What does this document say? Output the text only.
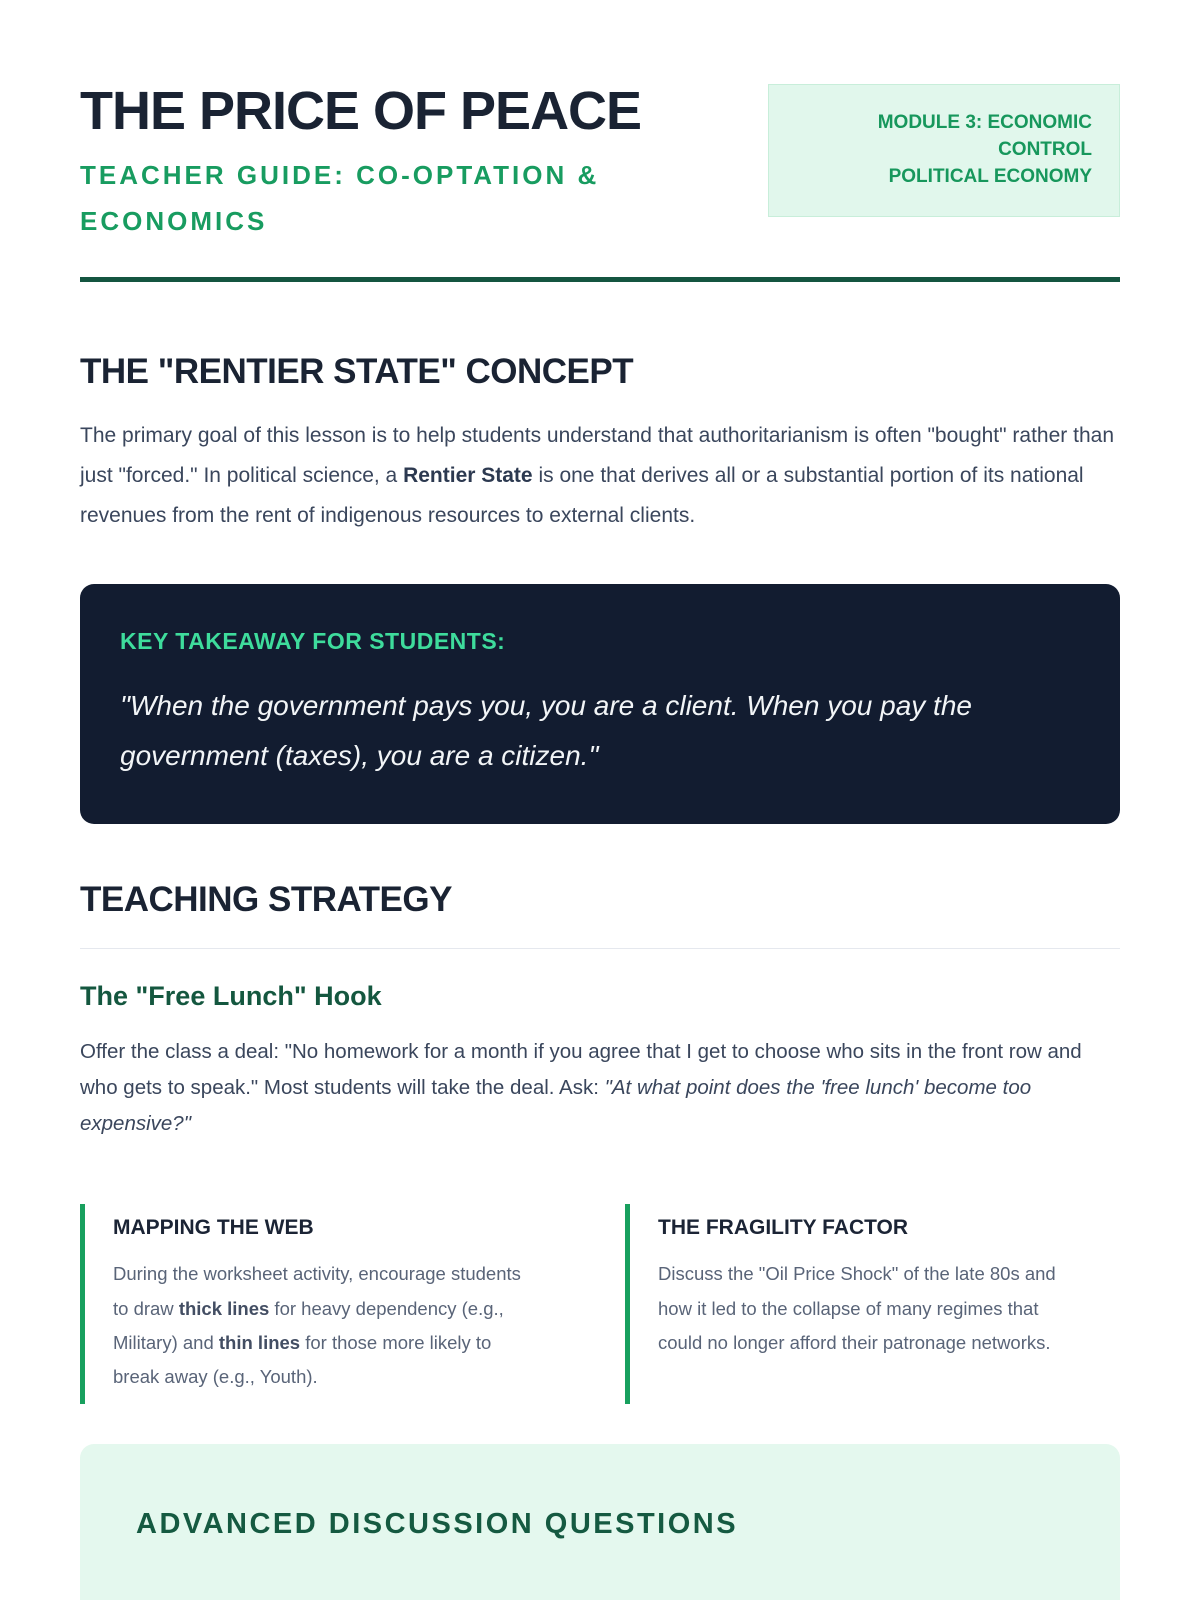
THE PRICE OF PEACE
TEACHER GUIDE: CO-OPTATION & ECONOMICS
MODULE 3: ECONOMIC CONTROL
POLITICAL ECONOMY
THE "RENTIER STATE" CONCEPT

The primary goal of this lesson is to help students understand that authoritarianism is often "bought" rather than just "forced." In political science, a Rentier State is one that derives all or a substantial portion of its national revenues from the rent of indigenous resources to external clients.

KEY TAKEAWAY FOR STUDENTS:
"When the government pays you, you are a client. When you pay the government (taxes), you are a citizen."
TEACHING STRATEGY
The "Free Lunch" Hook

Offer the class a deal: "No homework for a month if you agree that I get to choose who sits in the front row and who gets to speak." Most students will take the deal. Ask: "At what point does the 'free lunch' become too expensive?"

MAPPING THE WEB

During the worksheet activity, encourage students to draw thick lines for heavy dependency (e.g., Military) and thin lines for those more likely to break away (e.g., Youth).

THE FRAGILITY FACTOR

Discuss the "Oil Price Shock" of the late 80s and how it led to the collapse of many regimes that could no longer afford their patronage networks.

ADVANCED DISCUSSION QUESTIONS
